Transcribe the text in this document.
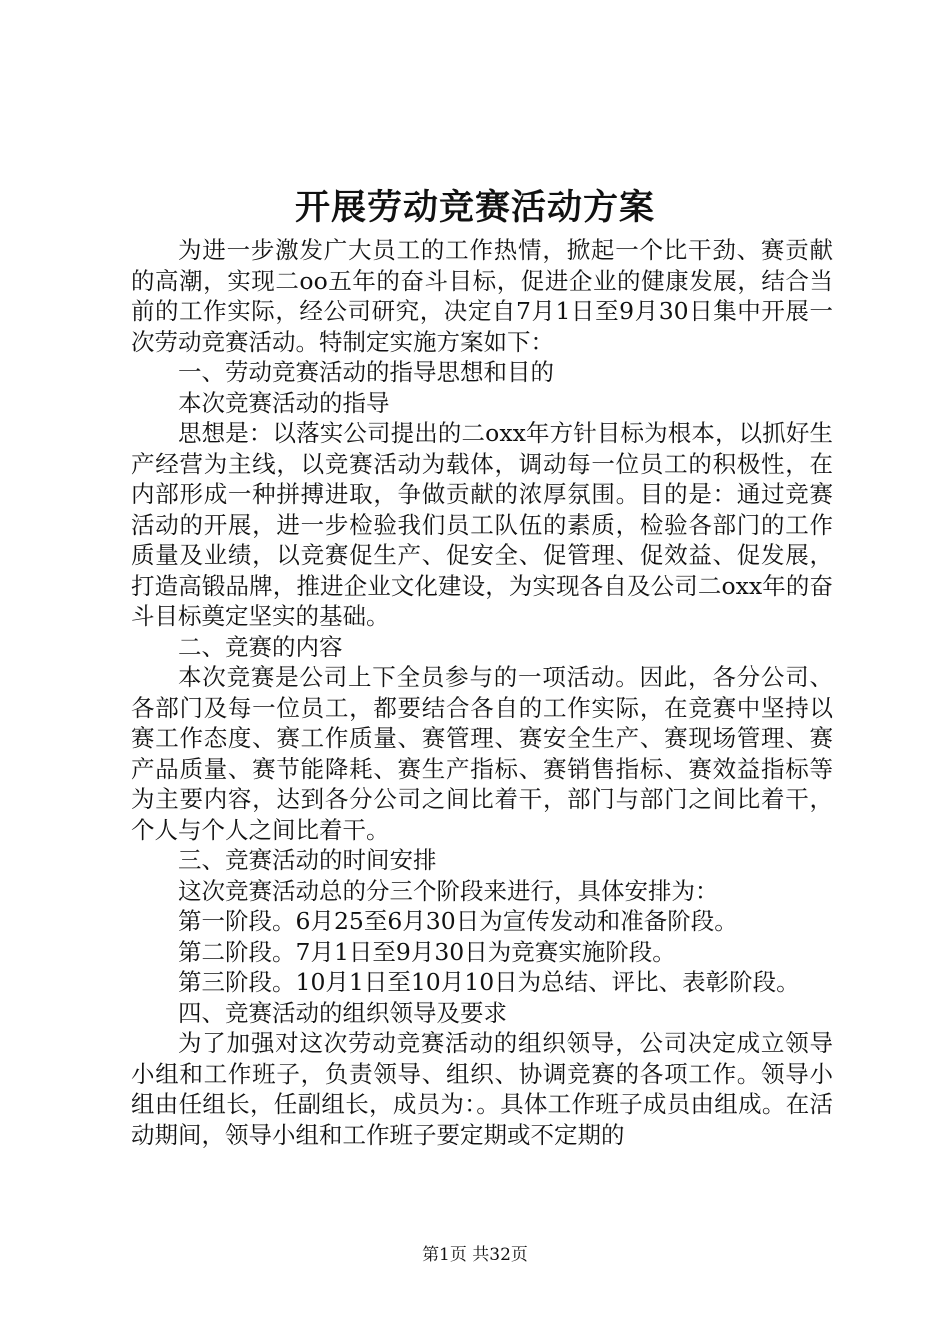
开展劳动竞赛活动方案

为进一步激发广大员工的工作热情，掀起一个比干劲、赛贡献的高潮，实现二oo五年的奋斗目标，促进企业的健康发展，结合当前的工作实际，经公司研究，决定自7月1日至9月30日集中开展一次劳动竞赛活动。特制定实施方案如下：

一、劳动竞赛活动的指导思想和目的

本次竞赛活动的指导

思想是：以落实公司提出的二oxx年方针目标为根本，以抓好生产经营为主线，以竞赛活动为载体，调动每一位员工的积极性，在内部形成一种拼搏进取，争做贡献的浓厚氛围。目的是：通过竞赛活动的开展，进一步检验我们员工队伍的素质，检验各部门的工作质量及业绩，以竞赛促生产、促安全、促管理、促效益、促发展，打造高锻品牌，推进企业文化建设，为实现各自及公司二oxx年的奋斗目标奠定坚实的基础。

二、竞赛的内容

本次竞赛是公司上下全员参与的一项活动。因此，各分公司、各部门及每一位员工，都要结合各自的工作实际，在竞赛中坚持以赛工作态度、赛工作质量、赛管理、赛安全生产、赛现场管理、赛产品质量、赛节能降耗、赛生产指标、赛销售指标、赛效益指标等为主要内容，达到各分公司之间比着干，部门与部门之间比着干，个人与个人之间比着干。

三、竞赛活动的时间安排

这次竞赛活动总的分三个阶段来进行，具体安排为：

第一阶段。6月25至6月30日为宣传发动和准备阶段。

第二阶段。7月1日至9月30日为竞赛实施阶段。

第三阶段。10月1日至10月10日为总结、评比、表彰阶段。

四、竞赛活动的组织领导及要求

为了加强对这次劳动竞赛活动的组织领导，公司决定成立领导小组和工作班子，负责领导、组织、协调竞赛的各项工作。领导小组由任组长，任副组长，成员为：。具体工作班子成员由组成。在活动期间，领导小组和工作班子要定期或不定期的

第1页 共32页
